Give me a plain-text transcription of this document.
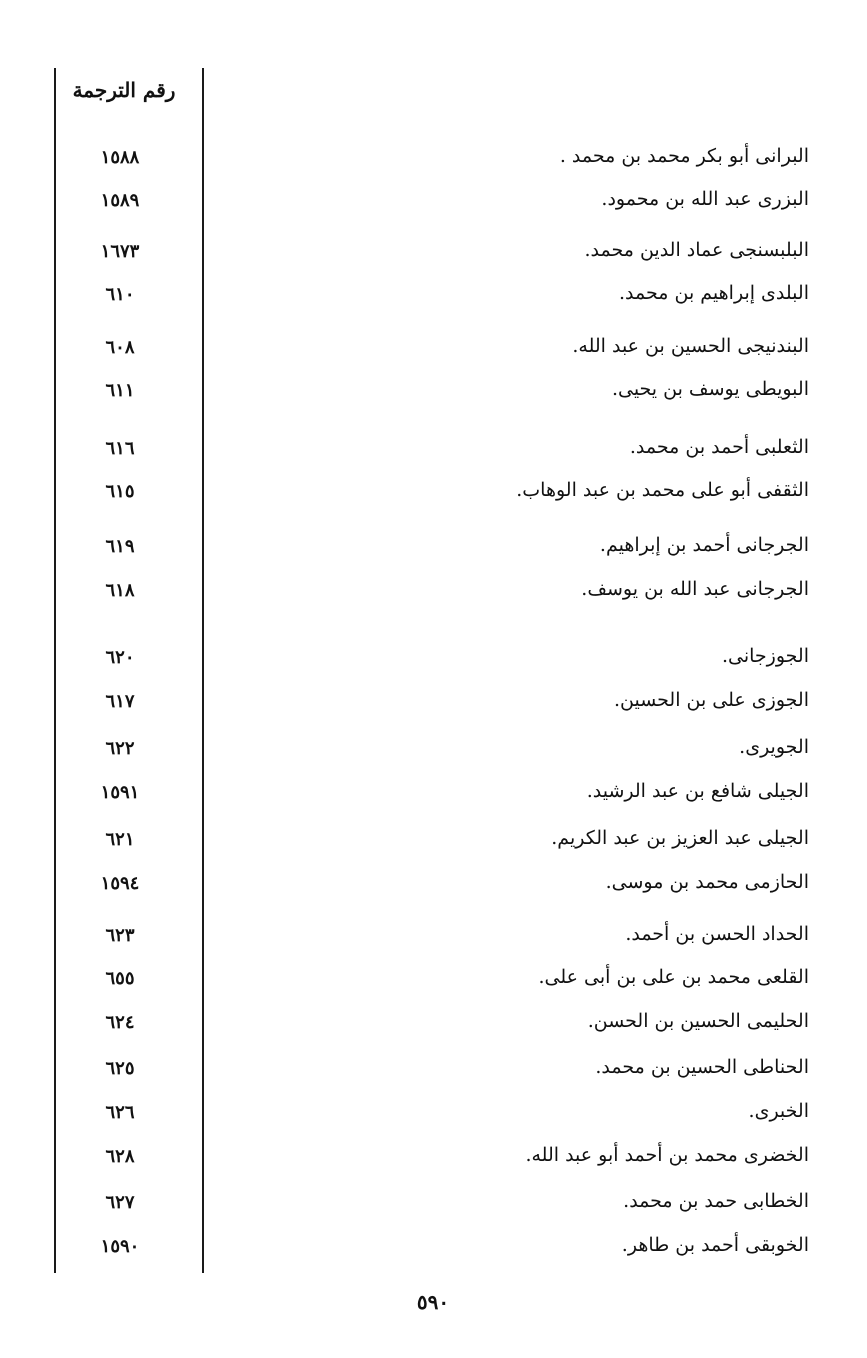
رقم الترجمة
١٥٨٨	البرانى أبو بكر محمد بن محمد .
١٥٨٩	البزرى عبد الله بن محمود.
١٦٧٣	البلبسنجى عماد الدين محمد.
٦١٠	البلدى إبراهيم بن محمد.
٦٠٨	البندنيجى الحسين بن عبد الله.
٦١١	البويطى يوسف بن يحيى.
٦١٦	الثعلبى أحمد بن محمد.
٦١٥	الثقفى أبو على محمد بن عبد الوهاب.
٦١٩	الجرجانى أحمد بن إبراهيم.
٦١٨	الجرجانى عبد الله بن يوسف.
٦٢٠	الجوزجانى.
٦١٧	الجوزى على بن الحسين.
٦٢٢	الجويرى.
١٥٩١	الجيلى شافع بن عبد الرشيد.
٦٢١	الجيلى عبد العزيز بن عبد الكريم.
١٥٩٤	الحازمى محمد بن موسى.
٦٢٣	الحداد الحسن بن أحمد.
٦٥٥	القلعى محمد بن على بن أبى على.
٦٢٤	الحليمى الحسين بن الحسن.
٦٢٥	الحناطى الحسين بن محمد.
٦٢٦	الخبرى.
٦٢٨	الخضرى محمد بن أحمد أبو عبد الله.
٦٢٧	الخطابى حمد بن محمد.
١٥٩٠	الخوبقى أحمد بن طاهر.
٥٩٠
